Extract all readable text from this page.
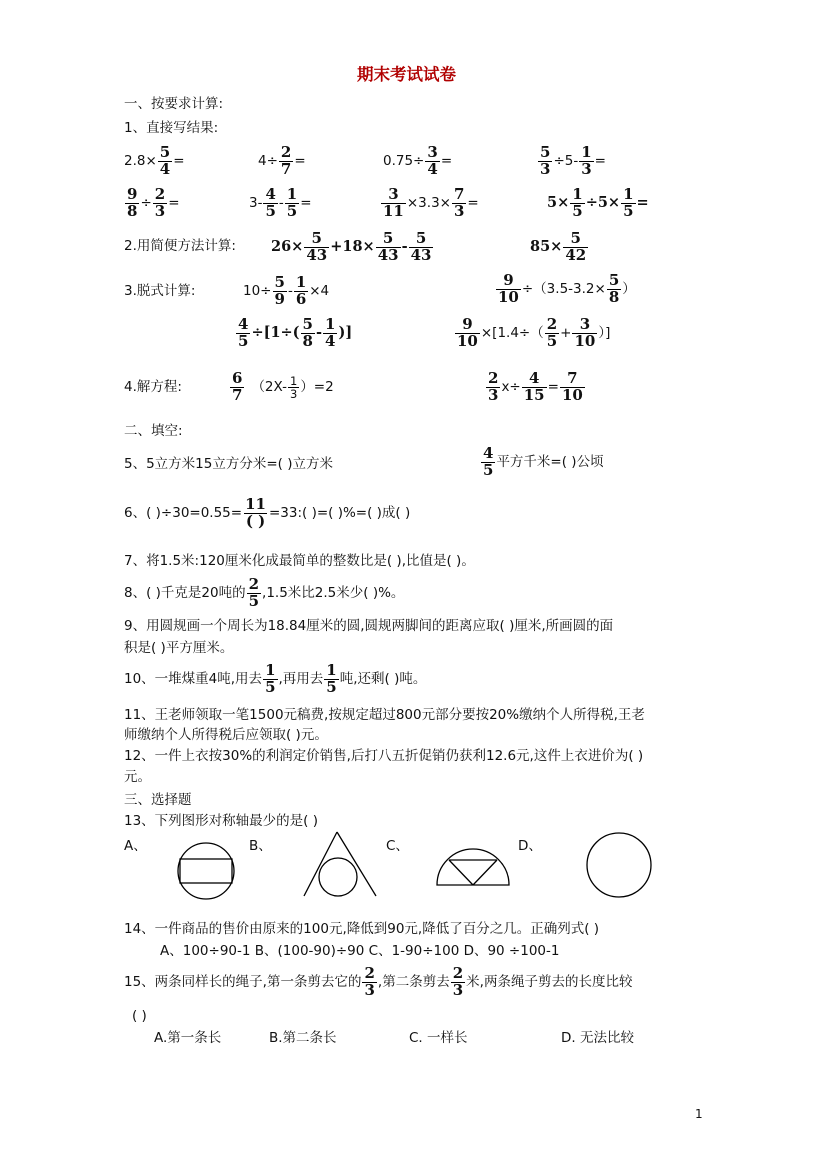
期末考试试卷
一、按要求计算:
1、直接写结果:
$2.8\times \frac{5}{4}$ =	$4\div \frac{2}{7}$ =	$0.75\div \frac{3}{4}$ =	$\frac{5}{3} \div 5- \frac{1}{3}$ =
$\frac{9}{8} \div \frac{2}{3}$ =	$3- \frac{4}{5} - \frac{1}{5}$ =	$\frac{3}{11} \times 3.3\times \frac{7}{3}$ =	$5\times \frac{1}{5} \div 5\times \frac{1}{5}$ =
2.用简便方法计算: $26\times \frac{5}{43} +18\times \frac{5}{43} - \frac{5}{43}$	$85\times \frac{5}{42}$
3.脱式计算:	$10\div \frac{5}{9} - \frac{1}{6} \times 4$	$\frac{9}{10} \div(3.5-3.2\times \frac{5}{8}$ ）
$\frac{4}{5} \div[1\div( \frac{5}{8} - \frac{1}{4}$ )]	$\frac{9}{10} \times[1.4\div( \frac{2}{5} + \frac{3}{10}$ ）]
4.解方程:	$\frac{6}{7} (2X- \frac{1}{3} )=2$	$\frac{2}{3} x\div \frac{4}{15} = \frac{7}{10}$
二、填空:
5、5立方米15立方分米=( )立方米	$\frac{4}{5}$ 平方千米=( )公顷
6、( )$\div 30=0.55= \frac{11}{( )}$ =33:( )=( )%=( )成( )
7、将1.5米:120厘米化成最简单的整数比是( ),比值是( )。
8、( )千克是20吨的 $\frac{2}{5} ,1.5$米比2.5米少( )%。
9、用圆规画一个周长为18.84厘米的圆,圆规两脚间的距离应取( )厘米,所画圆的面
积是( )平方厘米。
10、一堆煤重4吨,用去 $\frac{1}{5}$ ,再用去 $\frac{1}{5}$ 吨,还剩( )吨。
11、王老师领取一笔1500元稿费,按规定超过800元部分要按20%缴纳个人所得税,王老
师缴纳个人所得税后应领取( )元。
12、一件上衣按30%的利润定价销售,后打八五折促销仍获利12.6元,这件上衣进价为( )
元。
三、选择题
13、下列图形对称轴最少的是( )
A、	B、	C、	D、
14、一件商品的售价由原来的100元,降低到90元,降低了百分之几。正确列式( )
A、100÷90-1 B、(100-90)÷90 C、1-90÷100 D、90 ÷100-1
15、两条同样长的绳子,第一条剪去它的 $\frac{2}{3}$ ,第二条剪去 $\frac{2}{3}$ 米,两条绳子剪去的长度比较
( )
A.第一条长	B.第二条长	C. 一样长	D. 无法比较
1
